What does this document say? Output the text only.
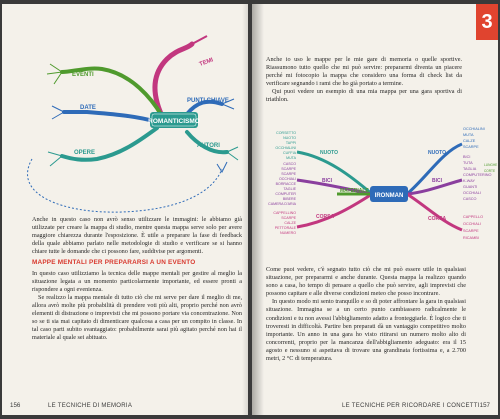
ROMANTICISMO
EVENTI
TEMI
DATE
PUNTI CHIAVE
OPERE
AUTORI

Anche in questo caso non avrò senso utilizzare le immagini: le abbiamo già utilizzate per creare la mappa di studio, mentre questa mappa serve solo per avere maggiore chiarezza durante l'esposizione. È utile a preparare la fase di feedback della quale abbiamo parlato nelle metodologie di studio e verificare se si hanno chiare tutte le domande che ci possono fare, suddivise per argomenti.

MAPPE MENTALI PER PREPARARSI A UN EVENTO

In questo caso utilizziamo la tecnica delle mappe mentali per gestire al meglio la situazione legata a un momento particolarmente importante, ed essere pronti a rispondere a ogni evenienza.

Se realizzo la mappa mentale di tutto ciò che mi serve per dare il meglio di me, allora avrò molte più probabilità di prendere voti più alti, proprio perché non avrò elementi di distrazione o imprevisti che mi possono portare via concentrazione. Non so se ti sia mai capitato di dimenticare qualcosa a casa per un compito in classe. In tal caso parti subito svantaggiato: probabilmente sarai più agitato perché non hai il materiale al quale sei abituato.

156	LE TECNICHE DI MEMORIA
3

Anche io uso le mappe per le mie gare di memoria o quelle sportive. Riassumono tutto quello che mi può servire: prepararmi diventa un piacere perché mi fotocopio la mappa che considero una forma di check list da verificare segnando i rami che ho già portato a termine.

Qui puoi vedere un esempio di una mia mappa per una gara sportiva di triathlon.

IRONMAN
NUOTO
BICI
CORSA
MATERIALE
NUOTO
BICI
CORSA
CORSETTO
NUOTO
TAPPI
OCCHIALINI
CUFFIA
MUTA
CASCO
SCARPE
SCARPE
OCCHIALI
BORRACCE
TAGLIE
COMPUTER
BIBERE
CAMERA D'ARIA
CAPPELLINO
SCARPE
CALZE
PETTORALE
NUMERO
OCCHIALINI
MUTA
CALZE
SCARPE
BICI
TUTA
TAGLIA
COMPUTERINO
K-WAY
GUANTI
OCCHIALI
CASCO
LUNGHE
CORTE
CAPPELLO
OCCHIALI
SCARPE
RICAMBI

Come puoi vedere, c'è segnato tutto ciò che mi può essere utile in qualsiasi situazione, per prepararmi e anche durante. Questa mappa la realizzo quando sono a casa, ho tempo di pensare a quello che può servire, agli imprevisti che possono capitare e alle diverse condizioni meteo che posso incontrare.

In questo modo mi sento tranquillo e so di poter affrontare la gara in qualsiasi situazione. Immagina se a un certo punto cambiassero radicalmente le condizioni e tu non avessi l'abbigliamento adatto a fronteggiarle. È logico che ti troveresti in difficoltà. Partire ben preparati dà un vantaggio competitivo molto importante. Un anno in una gara ho visto ritirarsi un numero molto alto di concorrenti, proprio per la mancanza dell'abbigliamento adeguato: era il 15 agosto e nessuno si aspettava di trovare una grandinata fortissima e, a 2.700 metri, 2 °C di temperatura.

LE TECNICHE PER RICORDARE I CONCETTI 157
